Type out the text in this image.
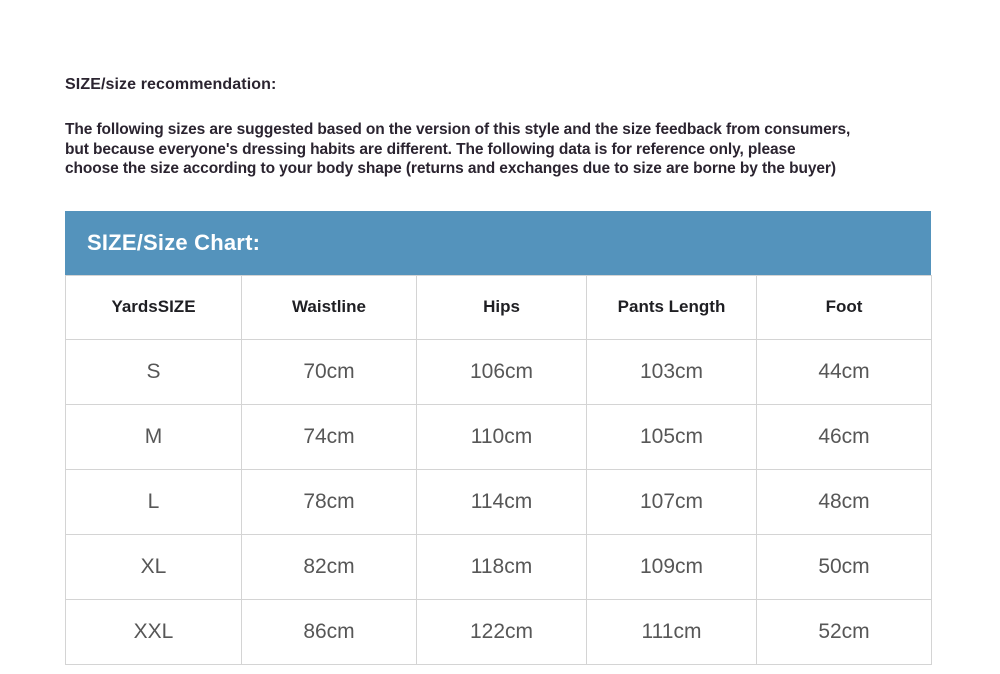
SIZE/size recommendation:
The following sizes are suggested based on the version of this style and the size feedback from consumers,
but because everyone's dressing habits are different. The following data is for reference only, please
choose the size according to your body shape (returns and exchanges due to size are borne by the buyer)
SIZE/Size Chart:
YardsSIZE	Waistline	Hips	Pants Length	Foot
S	70cm	106cm	103cm	44cm
M	74cm	110cm	105cm	46cm
L	78cm	114cm	107cm	48cm
XL	82cm	118cm	109cm	50cm
XXL	86cm	122cm	111cm	52cm
